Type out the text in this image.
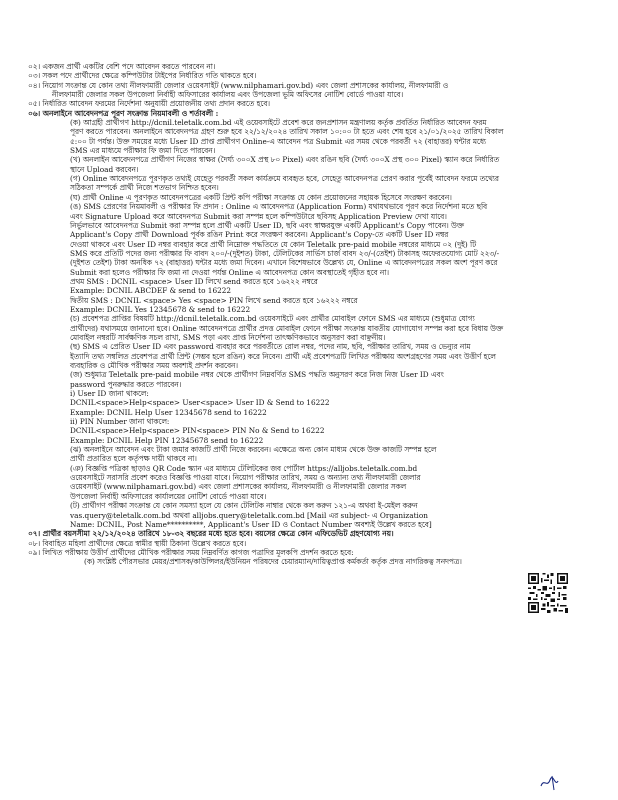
০২। একজন প্রার্থী একটির বেশি পদে আবেদন করতে পারবেন না।
০৩। সকল পদে প্রার্থীদের ক্ষেত্রে কম্পিউটার টাইপের নির্ধারিত গতি থাকতে হবে।
০৪। নিয়োগ সংক্রান্ত যে কোন তথ্য নীলফামারী জেলার ওয়েবসাইট (www.nilphamari.gov.bd) এবং জেলা প্রশাসকের কার্যালয়, নীলফামারী ও
নীলফামারী জেলার সকল উপজেলা নির্বাহী অফিসারের কার্যালয় এবং উপজেলা ভূমি অফিসের নোটিশ বোর্ডে পাওয়া যাবে।
০৫। নির্ধারিত আবেদন ফরমের নির্দেশনা অনুযায়ী প্রয়োজনীয় তথ্য প্রদান করতে হবে।
০৬। অনলাইনে আবেদনপত্র পূরণ সংক্রান্ত নিয়মাবলী ও শর্তাবলী :
(ক) আগ্রহী প্রার্থীগণ http://dcnil.teletalk.com.bd এই ওয়েবসাইটে প্রবেশ করে জনপ্রশাসন মন্ত্রণালয় কর্তৃক প্রবর্তিত নির্ধারিত আবেদন ফরম
পূরণ করতে পারবেন। অনলাইনে আবেদনপত্র গ্রহণ শুরু হবে ২২/১২/২০২৪ তারিখ সকাল ১০:০০ টা হতে এবং শেষ হবে ২১/০১/২০২৫ তারিখ বিকাল
৫:০০ টা পর্যন্ত। উক্ত সময়ের মধ্যে User ID প্রাপ্ত প্রার্থীগণ Online-এ আবেদন পত্র Submit এর সময় থেকে পরবর্তী ৭২ (বাহাত্তর) ঘন্টার মধ্যে
SMS এর মাধ্যমে পরীক্ষার ফি জমা দিতে পারবেন।
(খ) অনলাইন আবেদনপত্রে প্রার্থীগণ নিজের স্বাক্ষর (দৈর্ঘ্য ৩০০X প্রস্থ ৮০ Pixel) এবং রঙিন ছবি (দৈর্ঘ্য ৩০০X প্রস্থ ৩০০ Pixel) স্ক্যান করে নির্ধারিত
স্থানে Upload করবেন।
(গ) Online আবেদনপত্রে পূরণকৃত তথ্যই যেহেতু পরবর্তী সকল কার্যক্রমে ব্যবহৃত হবে, সেহেতু আবেদনপত্র প্রেরণ করার পূর্বেই আবেদন ফরমে তথ্যের
সঠিকতা সম্পর্কে প্রার্থী নিজে শতভাগ নিশ্চিত হবেন।
(ঘ) প্রার্থী Online এ পূরণকৃত আবেদনপত্রের একটি প্রিন্ট কপি পরীক্ষা সংক্রান্ত যে কোন প্রয়োজনের সহায়ক হিসেবে সংরক্ষণ করবেন।
(ঙ) SMS প্রেরণের নিয়মাবলী ও পরীক্ষার ফি প্রদান : Online এ আবেদনপত্র (Application Form) যথাযথভাবে পূরণ করে নির্দেশনা মতে ছবি
এবং Signature Upload করে আবেদনপত্র Submit করা সম্পন্ন হলে কম্পিউটারে ছবিসহ Application Preview দেখা যাবে।
নির্ভুলভাবে আবেদনপত্র Submit করা সম্পন্ন হলে প্রার্থী একটি User ID, ছবি এবং স্বাক্ষরযুক্ত একটি Applicant's Copy পাবেন। উক্ত
Applicant's Copy প্রার্থী Download পূর্বক রঙিন Print করে সংরক্ষণ করবেন। Applicant's Copy-তে একটি User ID নম্বর
দেওয়া থাকবে এবং User ID নম্বর ব্যবহার করে প্রার্থী নিম্নোক্ত পদ্ধতিতে যে কোন Teletalk pre-paid mobile নম্বরের মাধ্যমে ০২ (দুই) টি
SMS করে প্রতিটি পদের জন্য পরীক্ষার ফি বাবদ ২০০/-(দুইশত) টাকা, টেলিটকের সার্ভিস চার্জ বাবদ ২৩/-(তেইশ) টাকাসহ অফেরতযোগ্য মোট ২২৩/-
(দুইশত তেইশ) টাকা অনধিক ৭২ (বাহাত্তর) ঘন্টার মধ্যে জমা দিবেন। এখানে বিশেষভাবে উল্লেখ্য যে, Online এ আবেদনপত্রের সকল অংশ পূরণ করে
Submit করা হলেও পরীক্ষার ফি জমা না দেওয়া পর্যন্ত Online এ আবেদনপত্র কোন অবস্থাতেই গৃহীত হবে না।
প্রথম SMS : DCNIL <space> User ID লিখে send করতে হবে ১৬২২২ নম্বরে
Example: DCNIL ABCDEF & send to 16222
দ্বিতীয় SMS : DCNIL <space> Yes <space> PIN লিখে send করতে হবে ১৬২২২ নম্বরে
Example: DCNIL Yes 12345678 & send to 16222
(চ) প্রবেশপত্র প্রাপ্তির বিষয়টি http://dcnil.teletalk.com.bd ওয়েবসাইটে এবং প্রার্থীর মোবাইল ফোনে SMS এর মাধ্যমে (শুধুমাত্র যোগ্য
প্রার্থীদের) যথাসময়ে জানানো হবে। Online আবেদনপত্রে প্রার্থীর প্রদত্ত মোবাইল ফোনে পরীক্ষা সংক্রান্ত যাবতীয় যোগাযোগ সম্পন্ন করা হবে বিধায় উক্ত
মোবাইল নম্বরটি সার্বক্ষণিক সচল রাখা, SMS পড়া এবং প্রাপ্ত নির্দেশনা তাৎক্ষণিকভাবে অনুসরণ করা বাঞ্ছনীয়।
(ছ) SMS এ প্রেরিত User ID এবং password ব্যবহার করে পরবর্তীতে রোল নম্বর, পদের নাম, ছবি, পরীক্ষার তারিখ, সময় ও ভেন্যুর নাম
ইত্যাদি তথ্য সম্বলিত প্রবেশপত্র প্রার্থী প্রিন্ট (সম্ভব হলে রঙিন) করে নিবেন। প্রার্থী এই প্রবেশপত্রটি লিখিত পরীক্ষায় অংশগ্রহণের সময় এবং উত্তীর্ণ হলে
ব্যবহারিক ও মৌখিক পরীক্ষার সময় অবশ্যই প্রদর্শন করবেন।
(জ) শুধুমাত্র Teletalk pre-paid mobile নম্বর থেকে প্রার্থীগণ নিম্নবর্ণিত SMS পদ্ধতি অনুসরণ করে নিজ নিজ User ID এবং
password পুনরুদ্ধার করতে পারবেন।
i) User ID জানা থাকলে:
DCNIL<space>Help<space> User<space> User ID & Send to 16222
Example: DCNIL Help User 12345678 send to 16222
ii) PIN Number জানা থাকলে:
DCNIL<space>Help<space> PIN<space> PIN No & Send to 16222
Example: DCNIL Help PIN 12345678 send to 16222
(ঝ) অনলাইনে আবেদন এবং টাকা জমার কাজটি প্রার্থী নিজে করবেন। এক্ষেত্রে অন্য কোন মাধ্যম থেকে উক্ত কাজটি সম্পন্ন হলে
প্রার্থী প্রতারিত হলে কর্তৃপক্ষ দায়ী থাকবে না।
(ঞ) বিজ্ঞপ্তি পত্রিকা ছাড়াও QR Code স্ক্যান এর মাধ্যমে টেলিটকের জব পোর্টাল https://alljobs.teletalk.com.bd
ওয়েবসাইটে সরাসরি প্রবেশ করেও বিজ্ঞপ্তি পাওয়া যাবে। নিয়োগ পরীক্ষার তারিখ, সময় ও অন্যান্য তথ্য নীলফামারী জেলার
ওয়েবসাইট (www.nilphamari.gov.bd) এবং জেলা প্রশাসকের কার্যালয়, নীলফামারী ও নীলফামারী জেলার সকল
উপজেলা নির্বাহী অফিসারের কার্যালয়ের নোটিশ বোর্ডে পাওয়া যাবে।
(ট) প্রার্থীগণ পরীক্ষা সংক্রান্ত যে কোন সমস্যা হলে যে কোন টেলিটক নাম্বার থেকে কল করুন ১২১-এ অথবা ই-মেইল করুন
vas.query@teletalk.com.bd অথবা alljobs.query@teletalk.com.bd [Mail এর subject- এ Organization
Name: DCNIL, Post Name**********, Applicant's User ID ও Contact Number অবশ্যই উল্লেখ করতে হবে]
০৭। প্রার্থীর বয়সসীমা ২২/১২/২০২৪ তারিখে ১৮-৩২ বছরের মধ্যে হতে হবে। বয়সের ক্ষেত্রে কোন এফিডেভিট গ্রহণযোগ্য নয়।
০৮। বিবাহিত মহিলা প্রার্থীদের ক্ষেত্রে স্বামীর স্থায়ী ঠিকানা উল্লেখ করতে হবে।
০৯। লিখিত পরীক্ষায় উত্তীর্ণ প্রার্থীদের মৌখিক পরীক্ষার সময় নিম্নবর্ণিত কাগজ পত্রাদির মূলকপি প্রদর্শন করতে হবে:
(ক) সংশ্লিষ্ট পৌরসভার মেয়র/প্রশাসক/কাউন্সিলর/ইউনিয়ন পরিষদের চেয়ারম্যান/দায়িত্বপ্রাপ্ত কর্মকর্তা কর্তৃক প্রদত্ত নাগরিকত্ব সনদপত্র।
